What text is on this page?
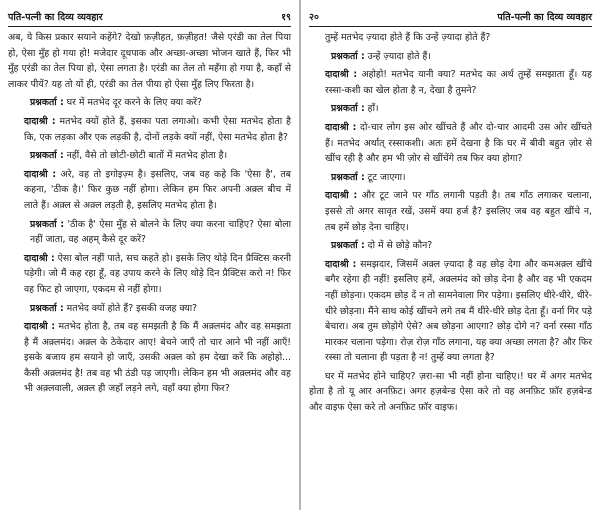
पति-पत्नी का दिव्य व्यवहार	१९

अब, ये किस प्रकार सयाने कहेंगे? देखो फ़ज़ीहत, फ़ज़ीहत! जैसे एरंडी का तेल पिया हो, ऐसा मुँह हो गया हो! मजेदार दूधपाक और अच्छा-अच्छा भोजन खाते हैं, फिर भी मुँह एरंडी का तेल पिया हो, ऐसा लगता है। एरंडी का तेल तो महँगा हो गया है, कहाँ से लाकर पीयें? यह तो यों ही, एरंडी का तेल पीया हो ऐसा मुँह लिए फिरता है।

प्रश्नकर्ता : घर में मतभेद दूर करने के लिए क्या करें?

दादाश्री : मतभेद क्यों होते हैं, इसका पता लगाओ। कभी ऐसा मतभेद होता है कि, एक लड़का और एक लड़की है, दोनों लड़के क्यों नहीं, ऐसा मतभेद होता है?

प्रश्नकर्ता : नहीं, वैसे तो छोटी-छोटी बातों में मतभेद होता है।

दादाश्री : अरे, वह तो इगोइज़्म है। इसलिए, जब वह कहे कि 'ऐसा है', तब कहना, 'ठीक है।' फिर कुछ नहीं होगा। लेकिन हम फिर अपनी अक़्ल बीच में लाते हैं। अक़्ल से अक़्ल लड़ती है, इसलिए मतभेद होता है।

प्रश्नकर्ता : 'ठीक है' ऐसा मुँह से बोलने के लिए क्या करना चाहिए? ऐसा बोला नहीं जाता, वह अहम् कैसे दूर करें?

दादाश्री : ऐसा बोल नहीं पाते, सच कहते हो। इसके लिए थोड़े दिन प्रैक्टिस करनी पड़ेगी। जो मैं कह रहा हूँ, वह उपाय करने के लिए थोड़े दिन प्रैक्टिस करो न! फिर वह फिट हो जाएगा, एकदम से नहीं होगा।

प्रश्नकर्ता : मतभेद क्यों होते हैं? इसकी वजह क्या?

दादाश्री : मतभेद होता है, तब वह समझती है कि मैं अक़्लमंद और वह समझता है मैं अक़्लमंद। अक़्ल के ठेकेदार आए! बेचने जाएँ तो चार आने भी नहीं आएँ! इसके बजाय हम सयाने हो जाएँ, उसकी अक़्ल को हम देखा करें कि अहोहो... कैसी अक़्लमंद है! तब वह भी ठंडी पड़ जाएगी। लेकिन हम भी अक़्लमंद और वह भी अक़्लवाली, अक़्ल ही जहाँ लड़ने लगे, वहाँ क्या होगा फिर?

२०	पति-पत्नी का दिव्य व्यवहार

तुम्हें मतभेद ज़्यादा होते हैं कि उन्हें ज़्यादा होते हैं?

प्रश्नकर्ता : उन्हें ज़्यादा होते हैं।

दादाश्री : अहोहो! मतभेद यानी क्या? मतभेद का अर्थ तुम्हें समझाता हूँ। यह रस्सा-कशी का खेल होता है न, देखा है तुमने?

प्रश्नकर्ता : हाँ।

दादाश्री : दो-चार लोग इस ओर खींचते हैं और दो-चार आदमी उस ओर खींचते हैं। मतभेद अर्थात् रस्साकशी। अतः हमें देखना है कि घर में बीवी बहुत ज़ोर से खींच रही है और हम भी ज़ोर से खींचेंगे तब फिर क्या होगा?

प्रश्नकर्ता : टूट जाएगा।

दादाश्री : और टूट जाने पर गाँठ लगानी पड़ती है। तब गाँठ लगाकर चलाना, इससे तो अगर सावृत रखें, उसमें क्या हर्ज है? इसलिए जब वह बहुत खींचे न, तब हमें छोड़ देना चाहिए।

प्रश्नकर्ता : दो में से छोड़े कौन?

दादाश्री : समझदार, जिसमें अक़्ल ज़्यादा है वह छोड़ देगा और कमअक़्ल खींचे बगैर रहेगा ही नहीं! इसलिए हमें, अक़्लमंद को छोड़ देना है और वह भी एकदम नहीं छोड़ना। एकदम छोड़ दें न तो सामनेवाला गिर पड़ेगा। इसलिए धीरे-धीरे, धीरे-धीरे छोड़ना। मैंने साथ कोई खींचने लगे तब मैं धीरे-धीरे छोड़ देता हूँ। वर्ना गिर पड़े बेचारा। अब तुम छोड़ोगे ऐसे? अब छोड़ना आएगा? छोड़ दोगे न? वर्ना रस्सा गाँठ मारकर चलाना पड़ेगा। रोज़ रोज़ गाँठ लगाना, यह क्या अच्छा लगता है? और फिर रस्सा तो चलाना ही पड़ता है न! तुम्हें क्या लगता है?

घर में मतभेद होने चाहिए? ज़रा-सा भी नहीं होना चाहिए।! घर में अगर मतभेद होता है तो यू आर अनफ़िट। अगर हज़बेन्ड ऐसा करे तो वह अनफ़िट फ़ॉर हज़बेन्ड और वाइफ ऐसा करे तो अनफ़िट फ़ॉर वाइफ।
